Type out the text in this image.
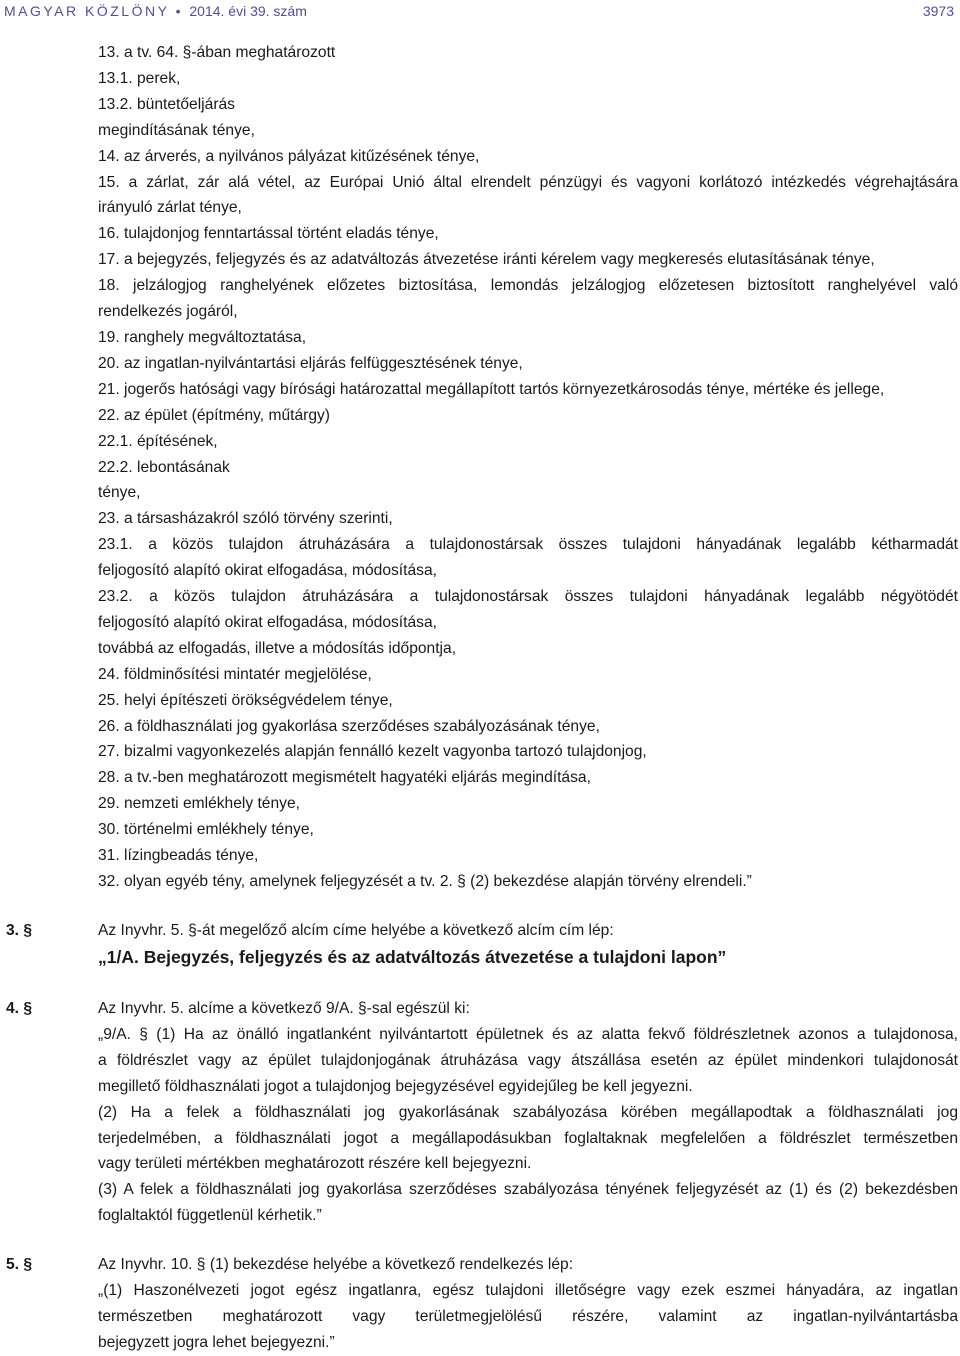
MAGYAR KÖZLÖNY • 2014. évi 39. szám	3973
13. a tv. 64. §-ában meghatározott
13.1. perek,
13.2. büntetőeljárás
megindításának ténye,
14. az árverés, a nyilvános pályázat kitűzésének ténye,
15. a zárlat, zár alá vétel, az Európai Unió által elrendelt pénzügyi és vagyoni korlátozó intézkedés végrehajtására
irányuló zárlat ténye,
16. tulajdonjog fenntartással történt eladás ténye,
17. a bejegyzés, feljegyzés és az adatváltozás átvezetése iránti kérelem vagy megkeresés elutasításának ténye,
18. jelzálogjog ranghelyének előzetes biztosítása, lemondás jelzálogjog előzetesen biztosított ranghelyével való
rendelkezés jogáról,
19. ranghely megváltoztatása,
20. az ingatlan-nyilvántartási eljárás felfüggesztésének ténye,
21. jogerős hatósági vagy bírósági határozattal megállapított tartós környezetkárosodás ténye, mértéke és jellege,
22. az épület (építmény, műtárgy)
22.1. építésének,
22.2. lebontásának
ténye,
23. a társasházakról szóló törvény szerinti,
23.1. a közös tulajdon átruházására a tulajdonostársak összes tulajdoni hányadának legalább kétharmadát
feljogosító alapító okirat elfogadása, módosítása,
23.2. a közös tulajdon átruházására a tulajdonostársak összes tulajdoni hányadának legalább négyötödét
feljogosító alapító okirat elfogadása, módosítása,
továbbá az elfogadás, illetve a módosítás időpontja,
24. földminősítési mintatér megjelölése,
25. helyi építészeti örökségvédelem ténye,
26. a földhasználati jog gyakorlása szerződéses szabályozásának ténye,
27. bizalmi vagyonkezelés alapján fennálló kezelt vagyonba tartozó tulajdonjog,
28. a tv.-ben meghatározott megismételt hagyatéki eljárás megindítása,
29. nemzeti emlékhely ténye,
30. történelmi emlékhely ténye,
31. lízingbeadás ténye,
32. olyan egyéb tény, amelynek feljegyzését a tv. 2. § (2) bekezdése alapján törvény elrendeli.”
3. §	Az Inyvhr. 5. §-át megelőző alcím címe helyébe a következő alcím cím lép:
„1/A. Bejegyzés, feljegyzés és az adatváltozás átvezetése a tulajdoni lapon”
4. §	Az Inyvhr. 5. alcíme a következő 9/A. §-sal egészül ki:
„9/A. § (1) Ha az önálló ingatlanként nyilvántartott épületnek és az alatta fekvő földrészletnek azonos a tulajdonosa,
a földrészlet vagy az épület tulajdonjogának átruházása vagy átszállása esetén az épület mindenkori tulajdonosát
megillető földhasználati jogot a tulajdonjog bejegyzésével egyidejűleg be kell jegyezni.
(2) Ha a felek a földhasználati jog gyakorlásának szabályozása körében megállapodtak a földhasználati jog
terjedelmében, a földhasználati jogot a megállapodásukban foglaltaknak megfelelően a földrészlet természetben
vagy területi mértékben meghatározott részére kell bejegyezni.
(3) A felek a földhasználati jog gyakorlása szerződéses szabályozása tényének feljegyzését az (1) és (2) bekezdésben
foglaltaktól függetlenül kérhetik.”
5. §	Az Inyvhr. 10. § (1) bekezdése helyébe a következő rendelkezés lép:
„(1) Haszonélvezeti jogot egész ingatlanra, egész tulajdoni illetőségre vagy ezek eszmei hányadára, az ingatlan
természetben meghatározott vagy területmegjelölésű részére, valamint az ingatlan-nyilvántartásba
bejegyzett jogra lehet bejegyezni.”
